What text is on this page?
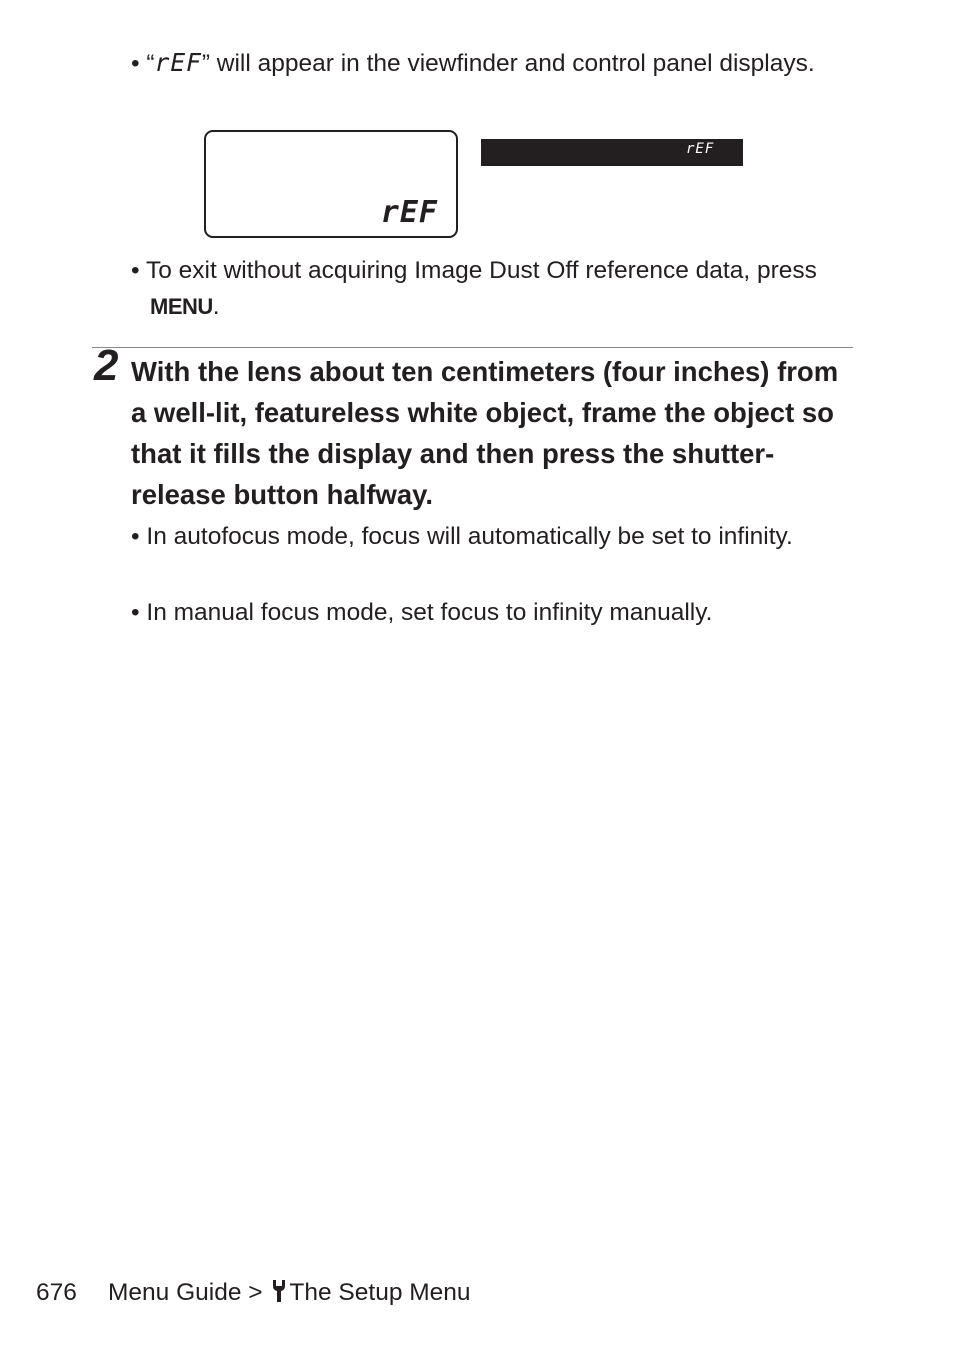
• “rEF” will appear in the viewfinder and control panel displays.
rEF
rEF
• To exit without acquiring Image Dust Off reference data, press MENU.
2 With the lens about ten centimeters (four inches) from a well-lit, featureless white object, frame the object so that it fills the display and then press the shutter-release button halfway.
• In autofocus mode, focus will automatically be set to infinity.
• In manual focus mode, set focus to infinity manually.
676 Menu Guide > The Setup Menu
